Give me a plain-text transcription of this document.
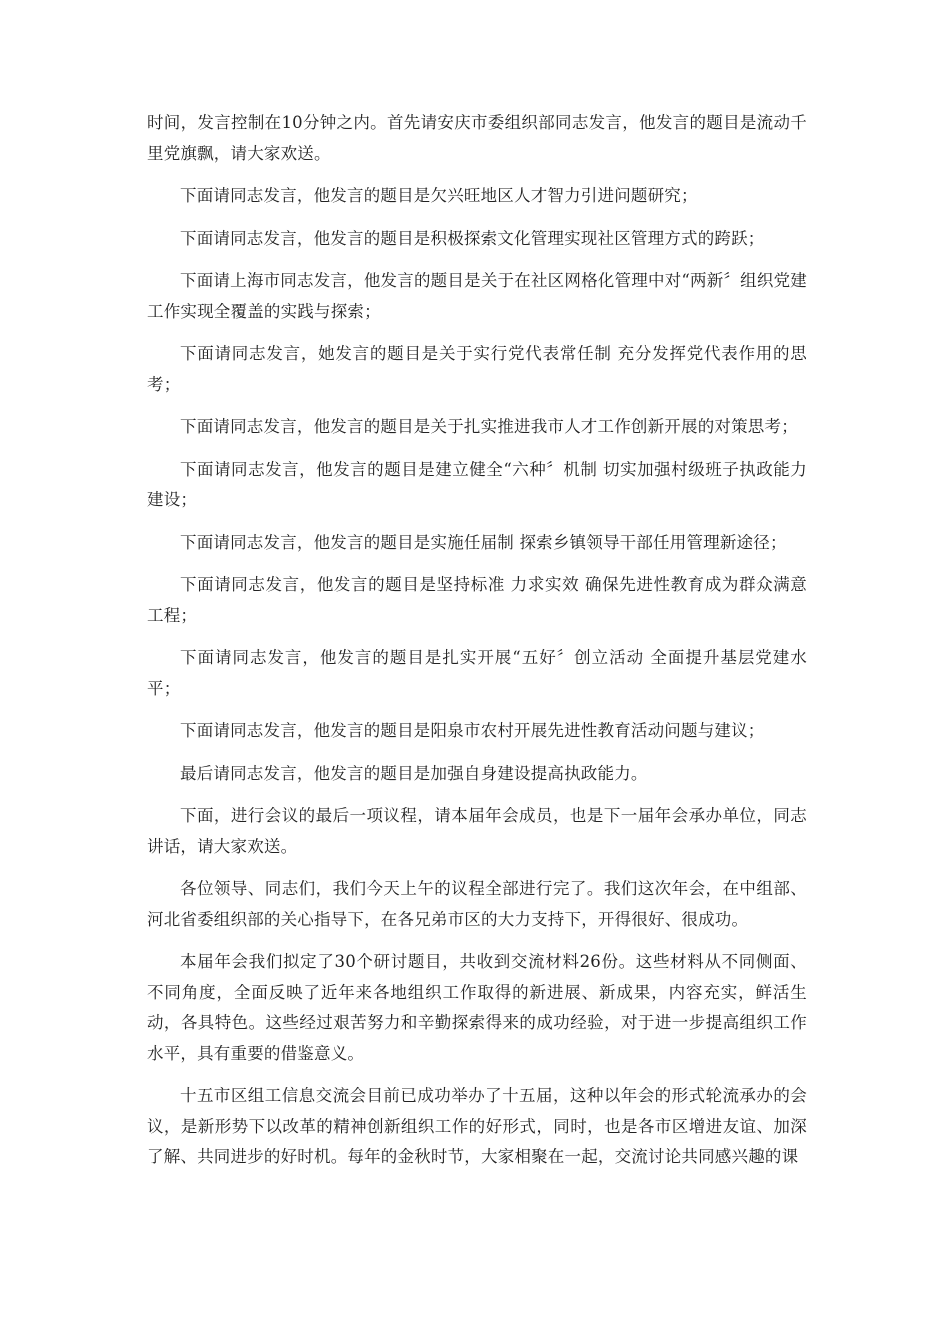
时间，发言控制在10分钟之内。首先请安庆市委组织部同志发言，他发言的题目是流动千里党旗飘，请大家欢送。

下面请同志发言，他发言的题目是欠兴旺地区人才智力引进问题研究；

下面请同志发言，他发言的题目是积极探索文化管理实现社区管理方式的跨跃；

下面请上海市同志发言，他发言的题目是关于在社区网格化管理中对“两新〞组织党建工作实现全覆盖的实践与探索；

下面请同志发言，她发言的题目是关于实行党代表常任制 充分发挥党代表作用的思考；

下面请同志发言，他发言的题目是关于扎实推进我市人才工作创新开展的对策思考；

下面请同志发言，他发言的题目是建立健全“六种〞机制 切实加强村级班子执政能力建设；

下面请同志发言，他发言的题目是实施任届制 探索乡镇领导干部任用管理新途径；

下面请同志发言，他发言的题目是坚持标准 力求实效 确保先进性教育成为群众满意工程；

下面请同志发言，他发言的题目是扎实开展“五好〞创立活动 全面提升基层党建水平；

下面请同志发言，他发言的题目是阳泉市农村开展先进性教育活动问题与建议；

最后请同志发言，他发言的题目是加强自身建设提高执政能力。

下面，进行会议的最后一项议程，请本届年会成员，也是下一届年会承办单位，同志讲话，请大家欢送。

各位领导、同志们，我们今天上午的议程全部进行完了。我们这次年会，在中组部、河北省委组织部的关心指导下，在各兄弟市区的大力支持下，开得很好、很成功。

本届年会我们拟定了30个研讨题目，共收到交流材料26份。这些材料从不同侧面、不同角度，全面反映了近年来各地组织工作取得的新进展、新成果，内容充实，鲜活生动，各具特色。这些经过艰苦努力和辛勤探索得来的成功经验，对于进一步提高组织工作水平，具有重要的借鉴意义。

十五市区组工信息交流会目前已成功举办了十五届，这种以年会的形式轮流承办的会议，是新形势下以改革的精神创新组织工作的好形式，同时，也是各市区增进友谊、加深了解、共同进步的好时机。每年的金秋时节，大家相聚在一起，交流讨论共同感兴趣的课
